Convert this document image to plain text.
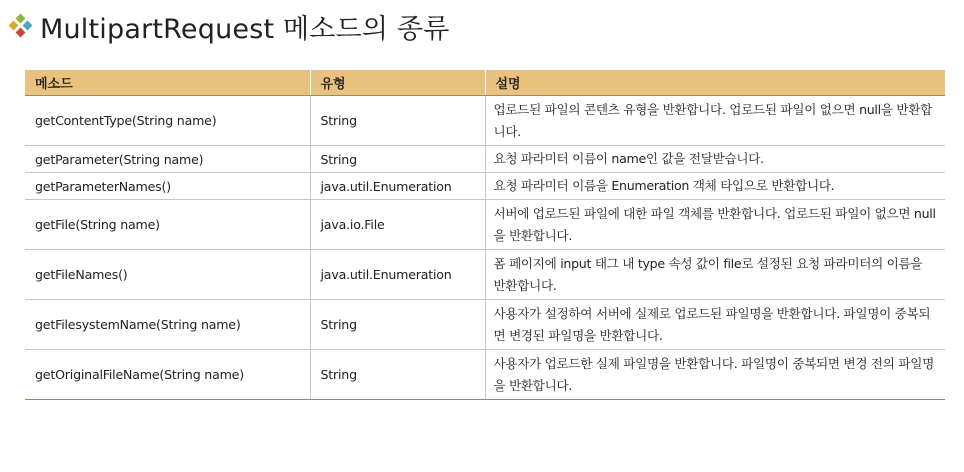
MultipartRequest 메소드의 종류
메소드	유형	설명
getContentType(String name)	String	업로드된 파일의 콘텐츠 유형을 반환합니다. 업로드된 파일이 없으면 null을 반환합니다.
getParameter(String name)	String	요청 파라미터 이름이 name인 값을 전달받습니다.
getParameterNames()	java.util.Enumeration	요청 파라미터 이름을 Enumeration 객체 타입으로 반환합니다.
getFile(String name)	java.io.File	서버에 업로드된 파일에 대한 파일 객체를 반환합니다. 업로드된 파일이 없으면 null을 반환합니다.
getFileNames()	java.util.Enumeration	폼 페이지에 input 태그 내 type 속성 값이 file로 설정된 요청 파라미터의 이름을 반환합니다.
getFilesystemName(String name)	String	사용자가 설정하여 서버에 실제로 업로드된 파일명을 반환합니다. 파일명이 중복되면 변경된 파일명을 반환합니다.
getOriginalFileName(String name)	String	사용자가 업로드한 실제 파일명을 반환합니다. 파일명이 중복되면 변경 전의 파일명을 반환합니다.
